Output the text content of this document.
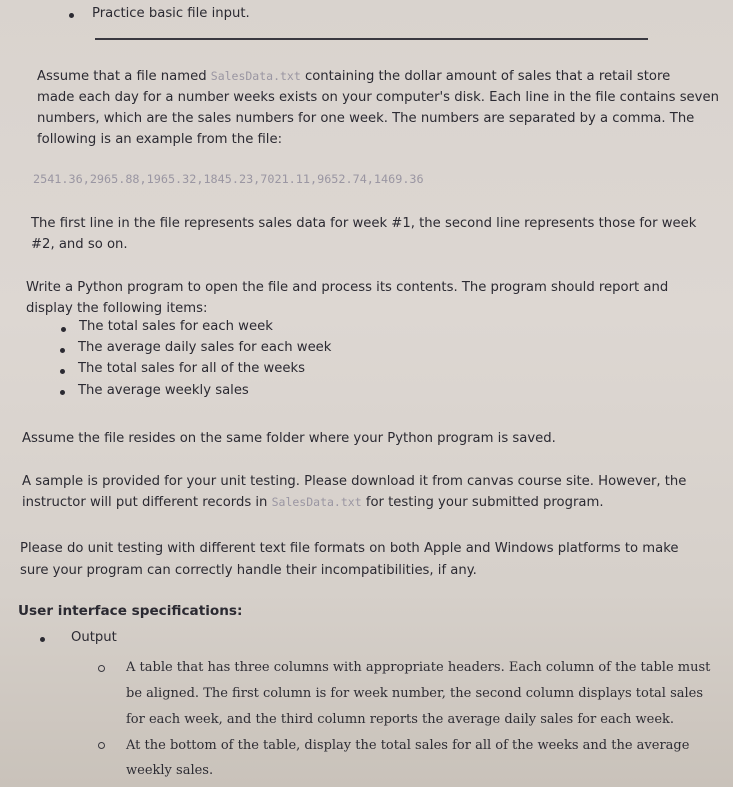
Practice basic file input.
Assume that a file named SalesData.txt containing the dollar amount of sales that a retail store
made each day for a number weeks exists on your computer's disk. Each line in the file contains seven
numbers, which are the sales numbers for one week. The numbers are separated by a comma. The
following is an example from the file:
2541.36,2965.88,1965.32,1845.23,7021.11,9652.74,1469.36
The first line in the file represents sales data for week #1, the second line represents those for week
#2, and so on.
Write a Python program to open the file and process its contents. The program should report and
display the following items:
The total sales for each week
The average daily sales for each week
The total sales for all of the weeks
The average weekly sales
Assume the file resides on the same folder where your Python program is saved.
A sample is provided for your unit testing. Please download it from canvas course site. However, the
instructor will put different records in SalesData.txt for testing your submitted program.
Please do unit testing with different text file formats on both Apple and Windows platforms to make
sure your program can correctly handle their incompatibilities, if any.
User interface specifications:
Output
A table that has three columns with appropriate headers. Each column of the table must
be aligned. The first column is for week number, the second column displays total sales
for each week, and the third column reports the average daily sales for each week.
At the bottom of the table, display the total sales for all of the weeks and the average
weekly sales.
